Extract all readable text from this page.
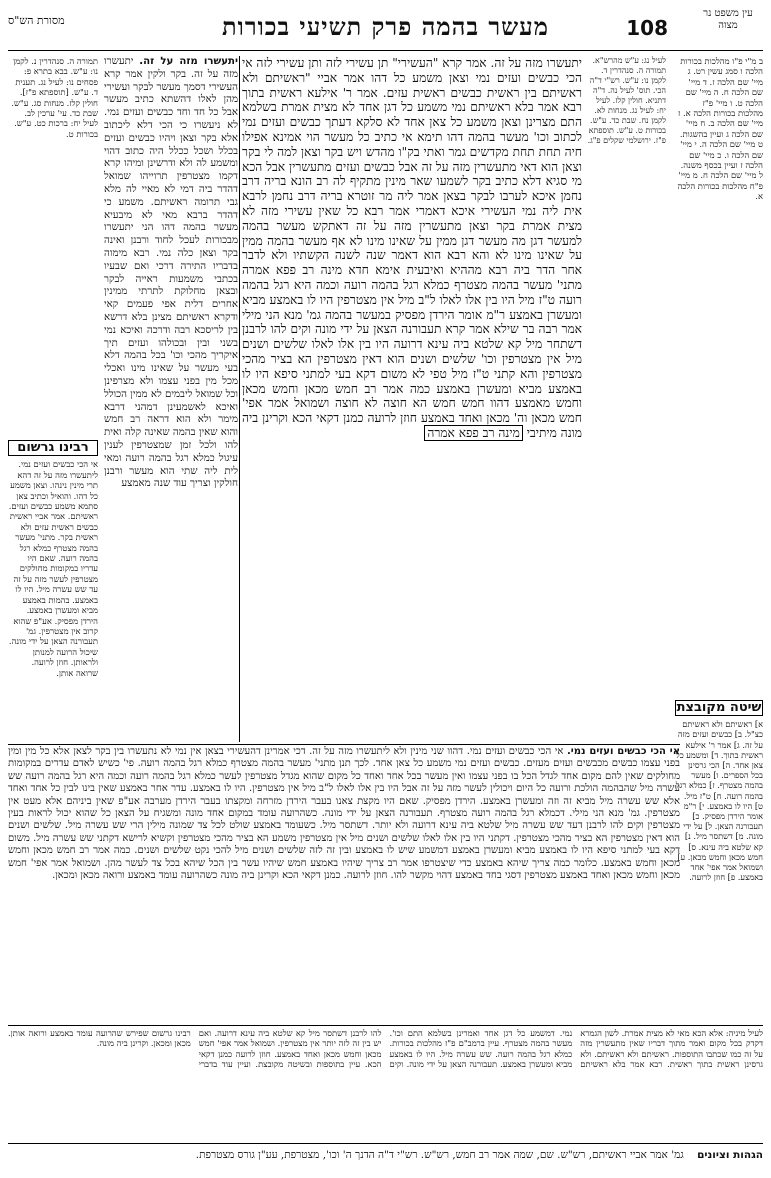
עין משפט נר מצוה
108
מעשר בהמה פרק תשיעי בכורות
מסורת הש"ס
ב מ"י פ"ו מהלכות בכורות הלכה ו סמג עשין רט. ג מיי' שם הלכה ז. ד מיי' שם הלכה ח. ה מיי' שם הלכה ט. ו מיי' פ"ז מהלכות בכורות הלכה א. ז מיי' שם הלכה ב. ח מיי' שם הלכה ג ועיין בהשגות. ט מיי' שם הלכה ה. י מיי' שם הלכה ו. כ מיי' שם הלכה ז ועיין בכסף משנה. ל מיי' שם הלכה ח. מ מיי' פ"ח מהלכות בכורות הלכה א.
לעיל נג: ע"ש מהרש"א. תמורה ה. סנהדרין ד. לקמן נו: ע"ש. רש"י ד"ה הכי. תוס' לעיל נה. ד"ה דתניא. חולין קלז. לעיל יח: לעיל נג. מנחות לא. לקמן נח. שבת כד. ע"ש. בכורות ט. ע"ש. תוספתא פ"ז. ירושלמי שקלים פ"ג.
יתעשרו מזה על זה. אמר קרא "העשירי" תן עשירי לזה ותן עשירי לזה אי הכי כבשים ועזים נמי וצאן משמע כל דהו אמר אביי "ראשיתם ולא ראשיתם בין ראשית כבשים ראשית עזים. אמר ר' אילעא ראשית בתוך רבא אמר בלא ראשיתם נמי משמע כל דגן אחד לא מצית אמרת בשלמא התם מצרינן וצאן משמע כל צאן אחד לא סלקא דעתך כבשים ועזים נמי לכתוב וכו' מעשר בהמה דהו תימא אי כתיב כל מעשר הוי אמינא אפילו חיה תחת תחת מקדשים גמר ואתי בק"ו מהדש ויש בקר וצאן למה לי בקר וצאן הוא דאי מתעשרין מזה על זה אבל כבשים ועזים מתעשרין אבל הכא מי סגיא דלא כתיב בקר לשמעו שאר מינין מתקיף לה רב הונא בריה דרב נחמן איכא לערבו לבקר בצאן אמר ליה מר זוטרא בריה דרב נחמן לרבא אית ליה נמי העשירי איכא דאמרי אמר רבא כל שאין עשירי מזה לא מצית אמרת בקר וצאן מתעשרין מזה על זה דאתקש מעשר בהמה למעשר דגן מה מעשר דגן ממין על שאינו מינו לא אף מעשר בהמה ממין על שאינו מינו לא והא רבא הוא דאמר שנה לשנה הקשתיו ולא לדבר אחר הדר ביה רבא מההיא ואיבעית אימא חדא מינה רב פפא אמרה מתני' מעשר בהמה מצטרף כמלא רגל בהמה רועה וכמה היא רגל בהמה רועה ט"ז מיל היו בין אלו לאלו ל"ב מיל אין מצטרפין היו לו באמצע מביא ומעשרן באמצע ר"מ אומר הירדן מפסיק במעשר בהמה גמ' מנא הני מילי אמר רבה בר שילא אמר קרא תעבורנה הצאן על ידי מונה וקים להו לרבנן דשתחר מיל קא שלטא ביה עינא דרועה היו בין אלו לאלו שלשים ושנים מיל אין מצטרפין וכו' שלשים ושנים הוא דאין מצטרפין הא בציר מהכי מצטרפין והא קתני ט"ז מיל טפי לא משום דקא בעי למתני סיפא היו לו באמצע מביא ומעשרן באמצע כמה אמר רב חמש מכאן וחמש מכאן וחמש מאמצע דהוו חמש חמש הא חוצה לא חוצה ושמואל אמר אפי' חמש מכאן וה' מכאן ואחד באמצע חוזן לרועה כמנן דקאי הכא וקרינן ביה מונה מיתיבי מינה רב פפא אמרה
יתעשרו מזה על זה. יתעשרו מזה על זה. בקר ולקין אמר קרא העשירי דסמך מעשר לבקר ועשירי מהן לאלו דהשתא כתיב מעשר אבל כל חד וחד כבשים ועזים נמי. לא ניעשרו כי הכי דלא ליכתוב אלא בקר וצאן ויהיו כבשים ועזים בכלל ושכל ככלל היה כתוב דהוי ומשמע לה ולא ודרשינן ומיהו קרא דקמו מצטרפין תרוייהו שמואל דהדר ביה דמי לא מאיי לה מלא גבי תרומה ראשיתם. משמע כי דהדר ברבא מאי לא מיבעיא מעשר בהמה דהו הני יתעשרו מבכורות לעכל לחוד ורבנן ואינה בקר וצאן כלה נמי. רבא מימוה בדבריו התירה דרכי ואם שבעיו בכתבי משמעות ראייה לבקר ובצאן מחלוקת לתרתי ממינין אחרים דלית אפי פעמים קאי ודקרא ראשיתם מצינן בלא דרשא בין לריסכא רבה ודרכה ואיכא נמי בשני ובין ובכולהו ועזים תיך איקריך מהכי וכו' בכל בהמה דלא בעי מעשר על שאינו מינו ואכלי מכל מין בפני עצמו ולא מצרפינן וכל שמואל ליבמים לא ממין הכולל ואיכא לאשמעינן דמהני דרבא מימר ולא הוא דראה רב חמש והוא שאין בהמה שאינה קלה ואית להו ולכל זמן שמצטרפין לענין עיגול כמלא רגל בהמה רועה ומאי לית ליה שתי הוא מעשר ורבנן חולקין וצריך עוד שנה מאמצע
תמורה ה. סנהדרין נ. לקמן נו: ע"ש. בבא בתרא פ: פסחים נו: לעיל נג. תענית ד. ע"ש. [תוספתא פ"ז]. חולין קלז. מנחות סג. ע"ש. שבת כד. עי' ערכין לב. לעיל יח: ברכות כט. ע"ש. בכורות ט.
רבינו גרשום
אי הכי כבשים ועזים נמי. ליתעשרו מזה על זה דהא תרי מינין נינהו. וצאן משמע כל דהו. והואיל וכתיב צאן סתמא משמע כבשים ועזים. ראשיתם. אמר אביי ראשית כבשים ראשית עזים ולא ראשית בקר. מתני' מעשר בהמה מצטרף כמלא רגל בהמה רועה. שאם היו עדריו במקומות מחולקים מצטרפין לעשר מזה על זה עד שש עשרה מיל. היו לו באמצע. בהמות באמצע מביא ומעשרן באמצע. הירדן מפסיק. אע"פ שהוא קרוב אין מצטרפין. גמ' תעבורנה הצאן על ידי מונה. שיכול הרועה למנותן ולראותן. חוזן לרועה. שרואה אותן.
שיטה מקובצת
א] ראשיתם ולא ראשיתם כצ"ל. ב] כבשים ועזים מזה על זה. ג] אמר ר' אילעא ראשית בתוך. ד] ומשמע כל צאן אחד. ה] הכי גרסינן בכל הספרים. ו] מעשר בהמה מצטרף. ז] כמלא רגל בהמה רועה. ח] ט"ז מיל. ט] היו לו באמצע. י] ר"מ אומר הירדן מפסיק. כ] תעבורנה הצאן. ל] על ידי מונה. מ] דשתסר מיל. נ] קא שלטא ביה עינא. ס] חמש מכאן וחמש מכאן. ע] ושמואל אמר אפי' אחד באמצע. פ] חוזן לרועה.
אי הכי כבשים ועזים נמי. אי הכי כבשים ועזים נמי. דהוו שני מינין ולא ליתעשרו מזה על זה. דכי אמרינן דהעשירי בצאן אין נמי לא נתעשרו בין בקר לצאן אלא כל מין ומין בפני עצמו כבשים מכבשים ועזים מעזים. כבשים ועזים נמי משמע כל צאן אחד. לכך תנן מתני' מעשר בהמה מצטרף כמלא רגל בהמה רועה. פי' כשיש לאדם עדרים במקומות מחולקים שאין להם מקום אחד לגדל הכל בו בפני עצמו ואין מעשר בכל אחד ואחד כל מקום שהוא מגדל מצטרפין לעשר כמלא רגל בהמה רועה וכמה היא רגל בהמה רועה שש עשרה מיל שהבהמה הולכת ורועה כל היום ויכולין לעשר מזה על זה אבל היו בין אלו לאלו ל"ב מיל אין מצטרפין. היו לו באמצע. עדר אחר באמצע שאין בינו לבין כל אחד ואחד אלא שש עשרה מיל מביא זה וזה ומעשרן באמצע. הירדן מפסיק. שאם היו מקצת צאנו בעבר הירדן מזרחה ומקצתו בעבר הירדן מערבה אע"פ שאין ביניהם אלא מעט אין מצטרפין. גמ' מנא הני מילי. דכמלא רגל בהמה רועה מצטרף. תעבורנה הצאן על ידי מונה. כשהרועה עומד במקום אחד מונה ומשגיח על הצאן כל שהוא יכול לראות בעין מצטרפין וקים להו לרבנן דעד שש עשרה מיל שלטא ביה עינא דרועה ולא יותר. דשתסר מיל. כשעומד באמצע שולט לכל צד שמונה מילין הרי שש עשרה מיל. שלשים ושנים הוא דאין מצטרפין הא בציר מהכי מצטרפין. דקתני היו בין אלו לאלו שלשים ושנים מיל אין מצטרפין משמע הא בציר מהכי מצטרפין וקשיא לרישא דקתני שש עשרה מיל. משום דקא בעי למתני סיפא היו לו באמצע מביא ומעשרן באמצע דמשמע שיש לו באמצע ובין זה לזה שלשים ושנים מיל להכי נקט שלשים ושנים. כמה אמר רב חמש מכאן וחמש מכאן וחמש באמצע. כלומר כמה צריך שיהא באמצע כדי שיצטרפו אמר רב צריך שיהיו באמצע חמש שיהיו עשר בין הכל שיהא בכל צד לעשר מהן. ושמואל אמר אפי' חמש מכאן וחמש מכאן ואחד באמצע מצטרפין דסגי בחד באמצע דהוי מקשר להו. חוזן לרועה. כמנן דקאי הכא וקרינן ביה מונה כשהרועה עומד באמצע ורואה מכאן ומכאן.
לעיל מיניה: אלא הכא מאי לא מצית אמרת. לשון הגמרא דקדק בכל מקום ואמר מתוך דבריו שאין מתעשרין מזה על זה כמו שכתבו התוספות. ראשיתם ולא ראשיתם. ולא גרסינן ראשית בתוך ראשית. רבא אמר בלא ראשיתם נמי. דמשמע כל דגן אחד ואמרינן בשלמא התם וכו'. מעשר בהמה מצטרף. עיין ברמב"ם פ"ז מהלכות בכורות. כמלא רגל בהמה רועה. שש עשרה מיל. היו לו באמצע מביא ומעשרן באמצע. תעבורנה הצאן על ידי מונה. וקים להו לרבנן דשתסר מיל קא שלטא ביה עינא דרועה. ואם יש בין זה לזה יותר אין מצטרפין. ושמואל אמר אפי' חמש מכאן וחמש מכאן ואחד באמצע. חוזן לרועה כמנן דקאי הכא. עיין בתוספות ובשיטה מקובצת. ועיין עוד בדברי רבינו גרשום שפירש שהרועה עומד באמצע ורואה אותן. מכאן ומכאן. וקרינן ביה מונה.
הגהות וציונים גמ' אמר אביי ראשיתם, רש"ש. שם, שמה אמר רב חמש, רש"ש. רש"י ד"ה הדנך ה' וכו', מצטרפת, עע"ן גורס מצטרפת.
